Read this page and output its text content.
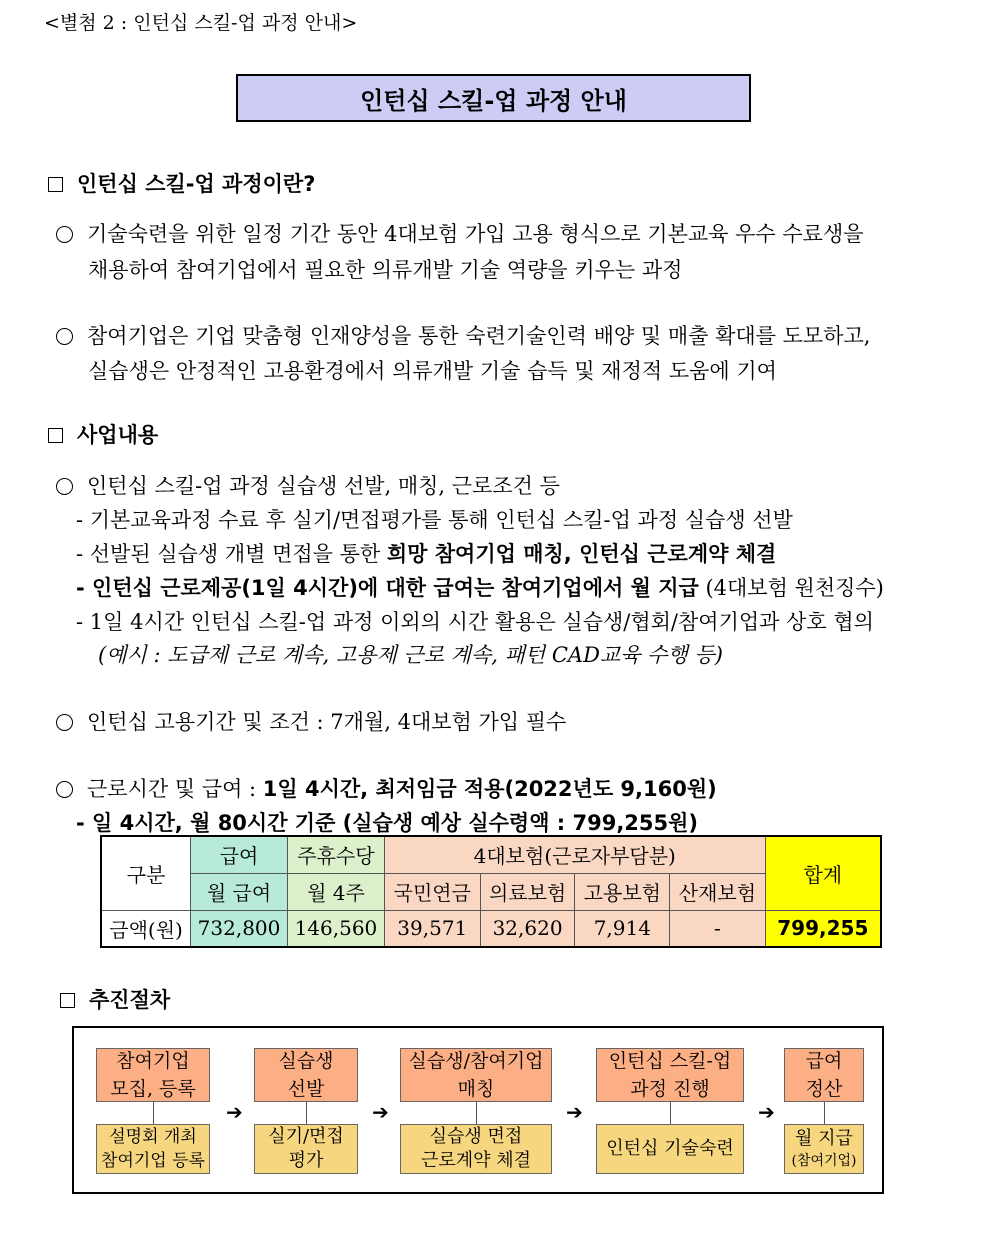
<별첨 2 : 인턴십 스킬-업 과정 안내>
인턴십 스킬-업 과정 안내
인턴십 스킬-업 과정이란?
기술숙련을 위한 일정 기간 동안 4대보험 가입 고용 형식으로 기본교육 우수 수료생을
채용하여 참여기업에서 필요한 의류개발 기술 역량을 키우는 과정
참여기업은 기업 맞춤형 인재양성을 통한 숙련기술인력 배양 및 매출 확대를 도모하고,
실습생은 안정적인 고용환경에서 의류개발 기술 습득 및 재정적 도움에 기여
사업내용
인턴십 스킬-업 과정 실습생 선발, 매칭, 근로조건 등
- 기본교육과정 수료 후 실기/면접평가를 통해 인턴십 스킬-업 과정 실습생 선발
- 선발된 실습생 개별 면접을 통한 희망 참여기업 매칭, 인턴십 근로계약 체결
- 인턴십 근로제공(1일 4시간)에 대한 급여는 참여기업에서 월 지급 (4대보험 원천징수)
- 1일 4시간 인턴십 스킬-업 과정 이외의 시간 활용은 실습생/협회/참여기업과 상호 협의
(예시 : 도급제 근로 계속, 고용제 근로 계속, 패턴 CAD교육 수행 등)
인턴십 고용기간 및 조건 : 7개월, 4대보험 가입 필수
근로시간 및 급여 : 1일 4시간, 최저임금 적용(2022년도 9,160원)
- 일 4시간, 월 80시간 기준 (실습생 예상 실수령액 : 799,255원)
구분	급여	주휴수당	4대보험(근로자부담분)				합계
	월 급여	월 4주	국민연금	의료보험	고용보험	산재보험	
금액(원)	732,800	146,560	39,571	32,620	7,914	-	799,255
추진절차
참여기업
모집, 등록
설명회 개최
참여기업 등록
➔
실습생
선발
실기/면접
평가
➔
실습생/참여기업
매칭
실습생 면접
근로계약 체결
➔
인턴십 스킬-업
과정 진행
인턴십 기술숙련
➔
급여
정산
월 지급
(참여기업)
